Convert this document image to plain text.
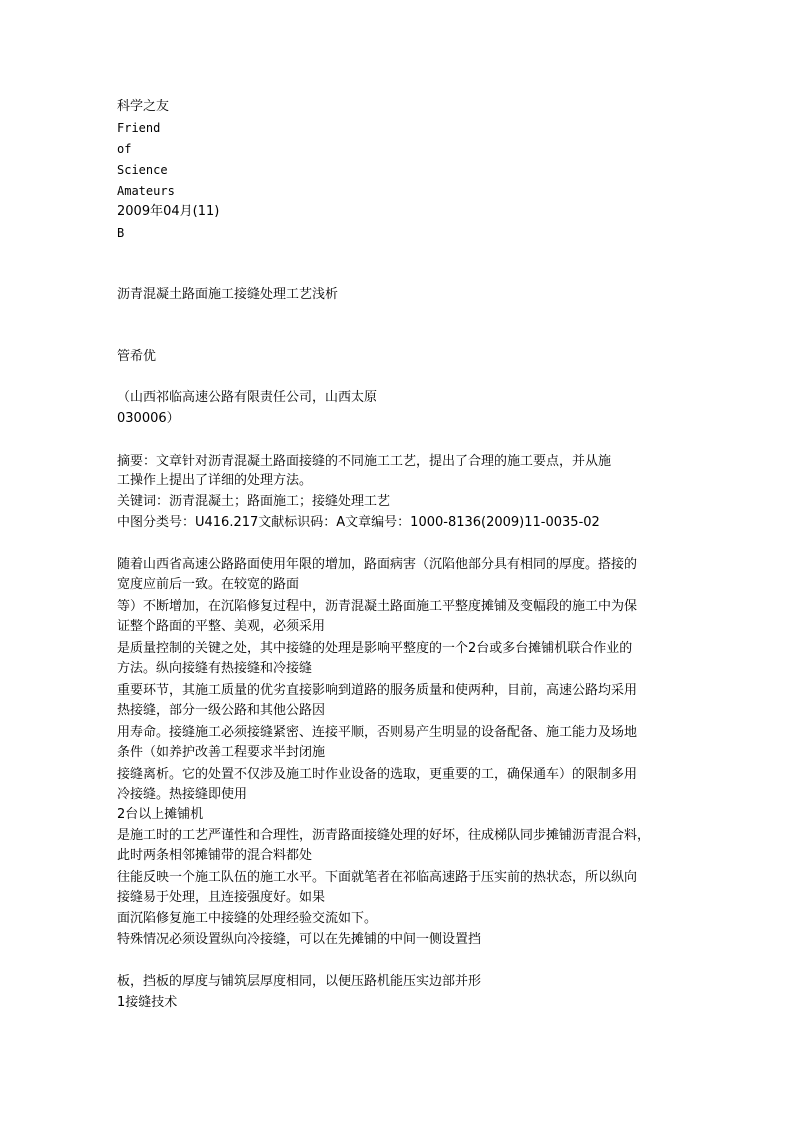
科学之友
Friend
of
Science
Amateurs
2009年04月(11)
B
沥青混凝土路面施工接缝处理工艺浅析
管希优
（山西祁临高速公路有限责任公司，山西太原
030006）
摘要：文章针对沥青混凝土路面接缝的不同施工工艺，提出了合理的施工要点，并从施
工操作上提出了详细的处理方法。
关键词：沥青混凝土；路面施工；接缝处理工艺
中图分类号：U416.217文献标识码：A文章编号：1000-8136(2009)11-0035-02
随着山西省高速公路路面使用年限的增加，路面病害（沉陷他部分具有相同的厚度。搭接的
宽度应前后一致。在较宽的路面
等）不断增加，在沉陷修复过程中，沥青混凝土路面施工平整度摊铺及变幅段的施工中为保
证整个路面的平整、美观，必须采用
是质量控制的关键之处，其中接缝的处理是影响平整度的一个2台或多台摊铺机联合作业的
方法。纵向接缝有热接缝和冷接缝
重要环节，其施工质量的优劣直接影响到道路的服务质量和使两种，目前，高速公路均采用
热接缝，部分一级公路和其他公路因
用寿命。接缝施工必须接缝紧密、连接平顺，否则易产生明显的设备配备、施工能力及场地
条件（如养护改善工程要求半封闭施
接缝离析。它的处置不仅涉及施工时作业设备的选取，更重要的工，确保通车）的限制多用
冷接缝。热接缝即使用
2台以上摊铺机
是施工时的工艺严谨性和合理性，沥青路面接缝处理的好坏，往成梯队同步摊铺沥青混合料，
此时两条相邻摊铺带的混合料都处
往能反映一个施工队伍的施工水平。下面就笔者在祁临高速路于压实前的热状态，所以纵向
接缝易于处理，且连接强度好。如果
面沉陷修复施工中接缝的处理经验交流如下。
特殊情况必须设置纵向冷接缝，可以在先摊铺的中间一侧设置挡
板，挡板的厚度与铺筑层厚度相同，以便压路机能压实边部并形
1接缝技术
